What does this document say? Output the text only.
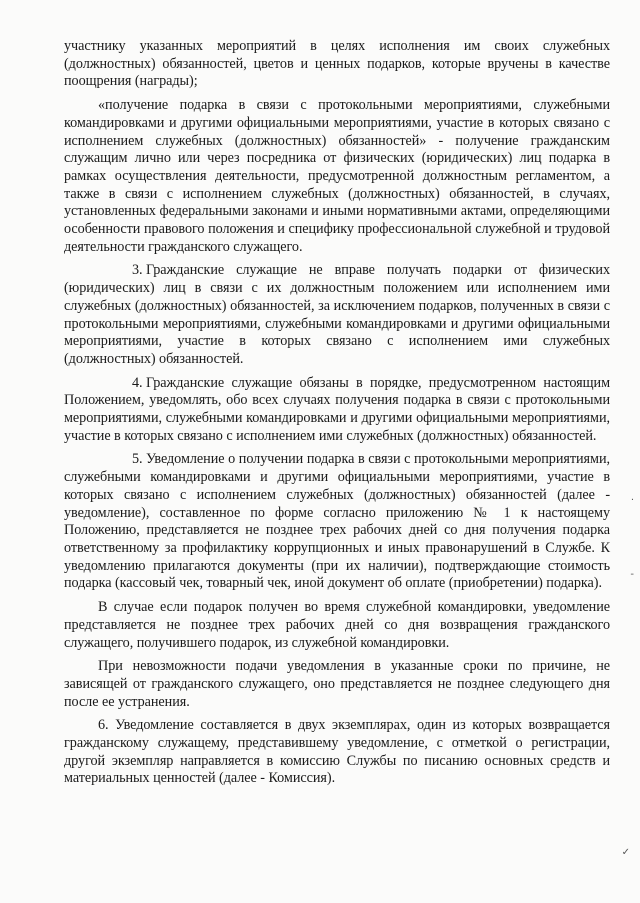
участнику указанных мероприятий в целях исполнения им своих служебных (должностных) обязанностей, цветов и ценных подарков, которые вручены в качестве поощрения (награды);

«получение подарка в связи с протокольными мероприятиями, служебными командировками и другими официальными мероприятиями, участие в которых связано с исполнением служебных (должностных) обязанностей» - получение гражданским служащим лично или через посредника от физических (юридических) лиц подарка в рамках осуществления деятельности, предусмотренной должностным регламентом, а также в связи с исполнением служебных (должностных) обязанностей, в случаях, установленных федеральными законами и иными нормативными актами, определяющими особенности правового положения и специфику профессиональной служебной и трудовой деятельности гражданского служащего.

3. Гражданские служащие не вправе получать подарки от физических (юридических) лиц в связи с их должностным положением или исполнением ими служебных (должностных) обязанностей, за исключением подарков, полученных в связи с протокольными мероприятиями, служебными командировками и другими официальными мероприятиями, участие в которых связано с исполнением ими служебных (должностных) обязанностей.

4. Гражданские служащие обязаны в порядке, предусмотренном настоящим Положением, уведомлять, обо всех случаях получения подарка в связи с протокольными мероприятиями, служебными командировками и другими официальными мероприятиями, участие в которых связано с исполнением ими служебных (должностных) обязанностей.

5. Уведомление о получении подарка в связи с протокольными мероприятиями, служебными командировками и другими официальными мероприятиями, участие в которых связано с исполнением служебных (должностных) обязанностей (далее - уведомление), составленное по форме согласно приложению № 1 к настоящему Положению, представляется не позднее трех рабочих дней со дня получения подарка ответственному за профилактику коррупционных и иных правонарушений в Службе. К уведомлению прилагаются документы (при их наличии), подтверждающие стоимость подарка (кассовый чек, товарный чек, иной документ об оплате (приобретении) подарка).

В случае если подарок получен во время служебной командировки, уведомление представляется не позднее трех рабочих дней со дня возвращения гражданского служащего, получившего подарок, из служебной командировки.

При невозможности подачи уведомления в указанные сроки по причине, не зависящей от гражданского служащего, оно представляется не позднее следующего дня после ее устранения.

6. Уведомление составляется в двух экземплярах, один из которых возвращается гражданскому служащему, представившему уведомление, с отметкой о регистрации, другой экземпляр направляется в комиссию Службы по писанию основных средств и материальных ценностей (далее - Комиссия).

·
-
✓
